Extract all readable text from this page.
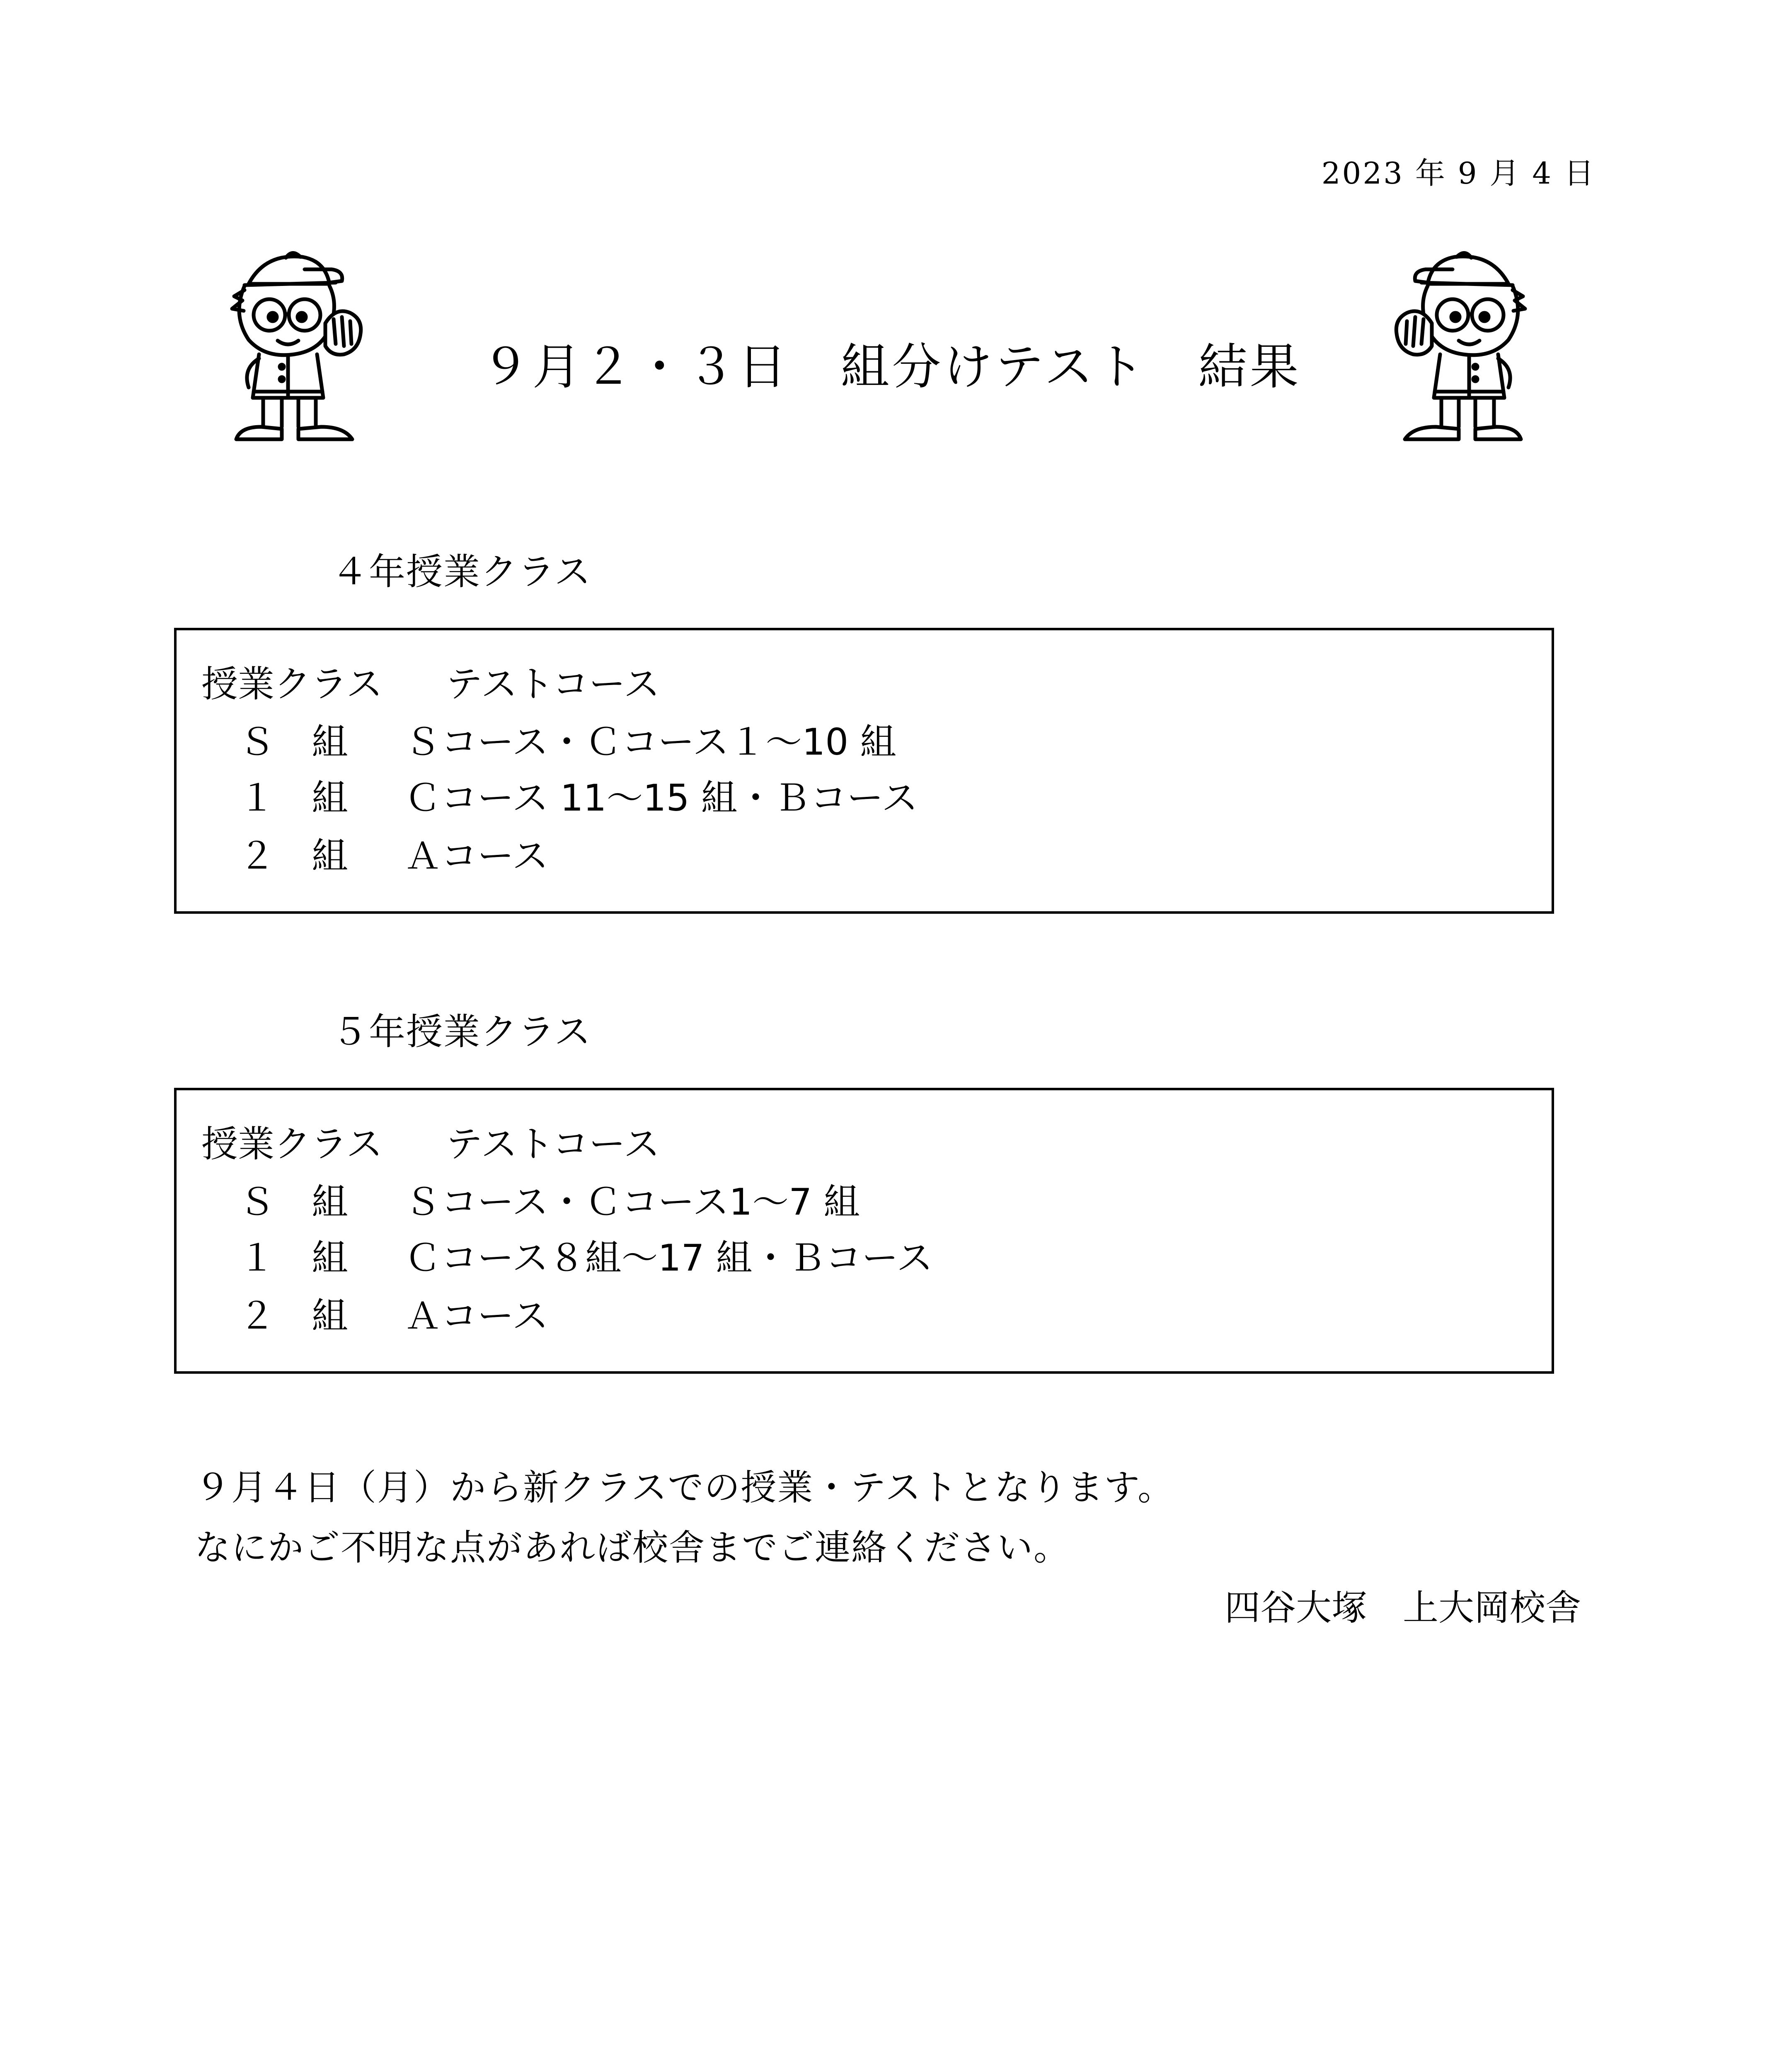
2023 年 9 月 4 日
９月２・３日　組分けテスト　結果
４年授業クラス
授業クラス テストコース
Ｓ　組 Ｓコース・Ｃコース１～10 組
１　組 Ｃコース 11～15 組・Ｂコース
２　組 Ａコース
５年授業クラス
授業クラス テストコース
Ｓ　組 Ｓコース・Ｃコース1～7 組
１　組 Ｃコース８組～17 組・Ｂコース
２　組 Ａコース
９月４日（月）から新クラスでの授業・テストとなります。
なにかご不明な点があれば校舎までご連絡ください。
四谷大塚　上大岡校舎
